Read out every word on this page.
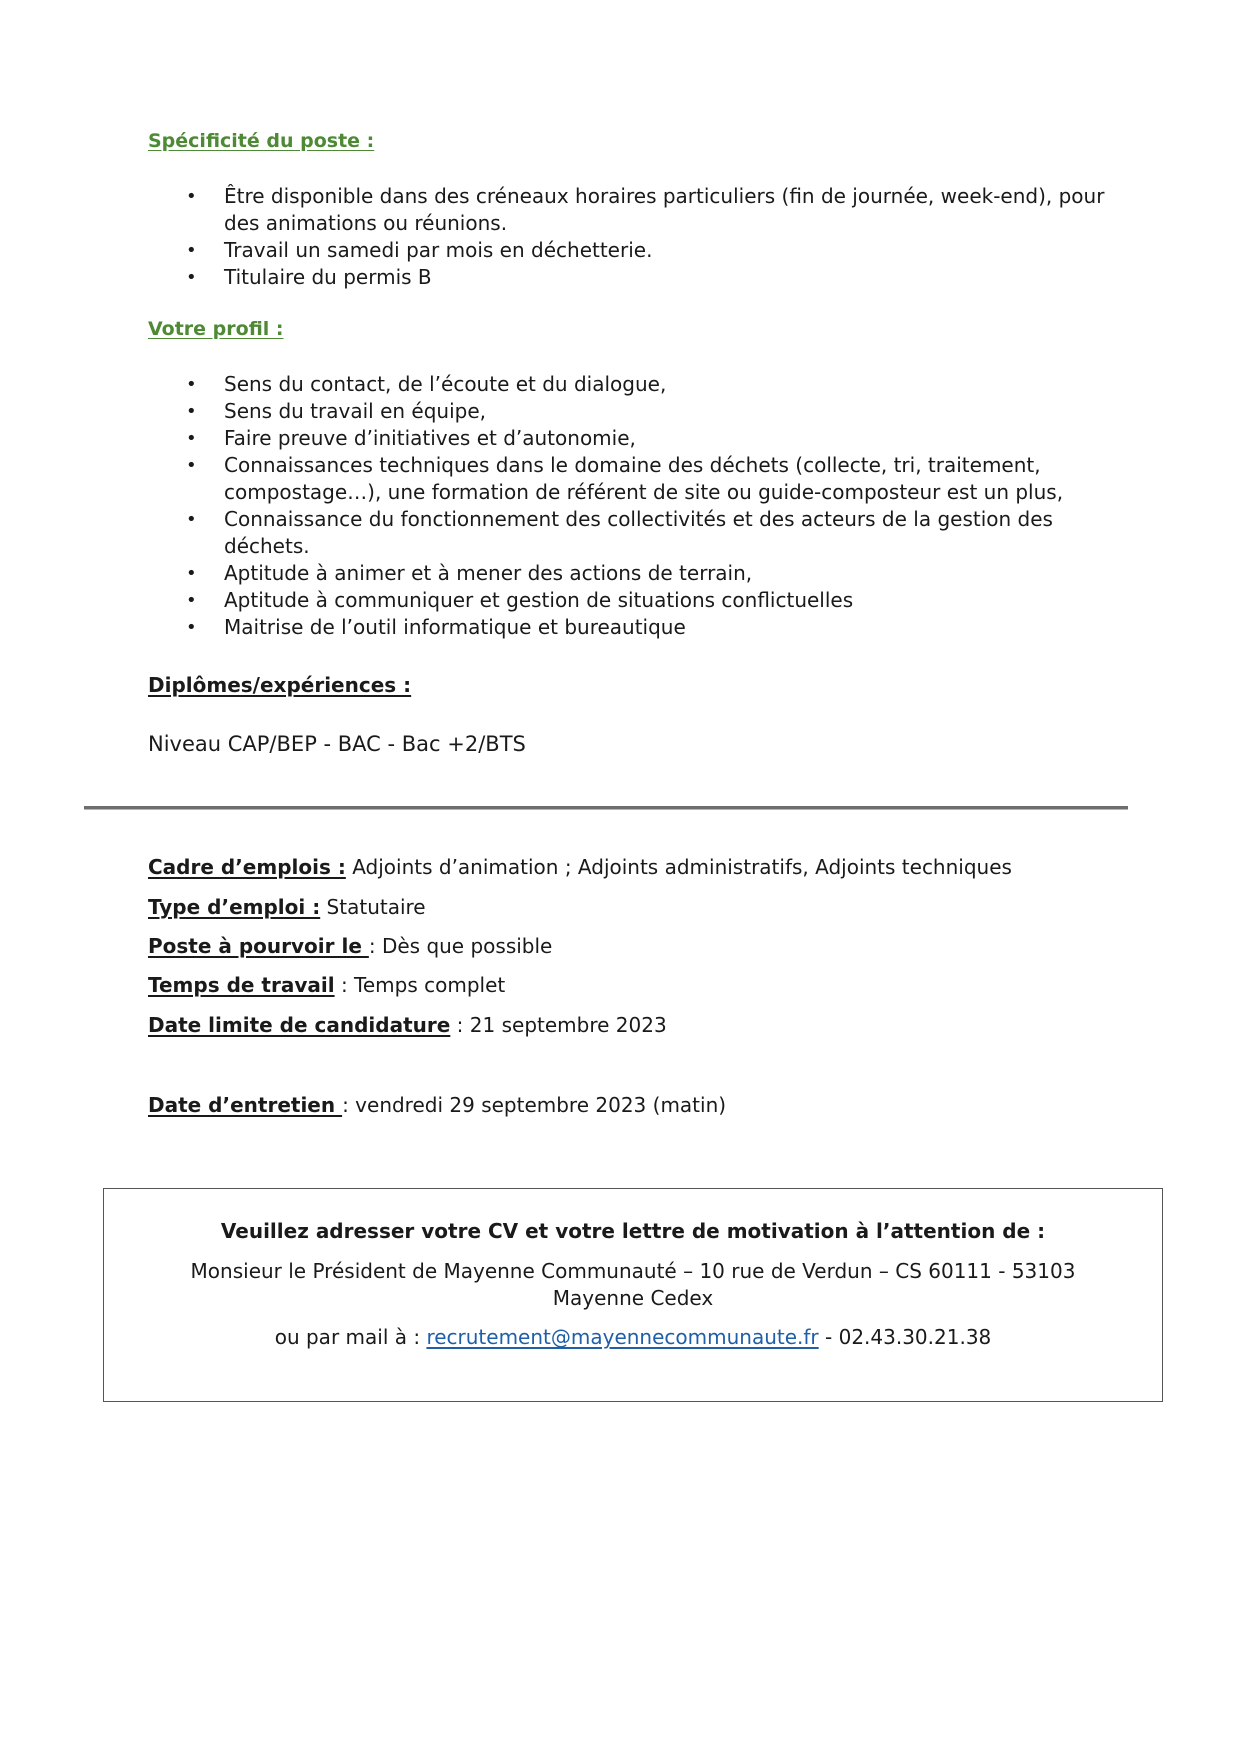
Spécificité du poste :
• Être disponible dans des créneaux horaires particuliers (fin de journée, week-end), pour des animations ou réunions.
• Travail un samedi par mois en déchetterie.
• Titulaire du permis B
Votre profil :
• Sens du contact, de l’écoute et du dialogue,
• Sens du travail en équipe,
• Faire preuve d’initiatives et d’autonomie,
• Connaissances techniques dans le domaine des déchets (collecte, tri, traitement, compostage…), une formation de référent de site ou guide-composteur est un plus,
• Connaissance du fonctionnement des collectivités et des acteurs de la gestion des déchets.
• Aptitude à animer et à mener des actions de terrain,
• Aptitude à communiquer et gestion de situations conflictuelles
• Maitrise de l’outil informatique et bureautique
Diplômes/expériences :

Niveau CAP/BEP - BAC - Bac +2/BTS

Cadre d’emplois : Adjoints d’animation ; Adjoints administratifs, Adjoints techniques

Type d’emploi : Statutaire

Poste à pourvoir le : Dès que possible

Temps de travail : Temps complet

Date limite de candidature : 21 septembre 2023

Date d’entretien : vendredi 29 septembre 2023 (matin)

Veuillez adresser votre CV et votre lettre de motivation à l’attention de :

Monsieur le Président de Mayenne Communauté – 10 rue de Verdun – CS 60111 - 53103 Mayenne Cedex

ou par mail à : recrutement@mayennecommunaute.fr - 02.43.30.21.38
